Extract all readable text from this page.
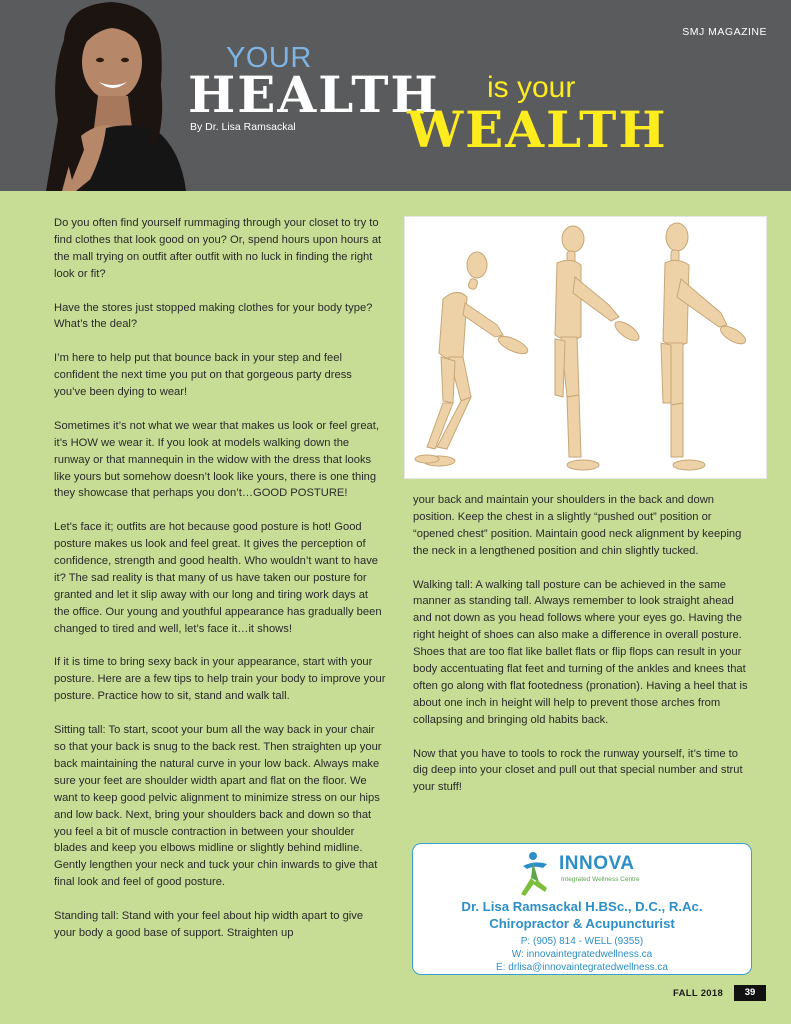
SMJ MAGAZINE
YOUR
HEALTH is your
WEALTH
By Dr. Lisa Ramsackal

Do you often find yourself rummaging through your closet to try to find clothes that look good on you? Or, spend hours upon hours at the mall trying on outfit after outfit with no luck in finding the right look or fit?

Have the stores just stopped making clothes for your body type? What’s the deal?

I’m here to help put that bounce back in your step and feel confident the next time you put on that gorgeous party dress you’ve been dying to wear!

Sometimes it’s not what we wear that makes us look or feel great, it’s HOW we wear it. If you look at models walking down the runway or that mannequin in the widow with the dress that looks like yours but somehow doesn’t look like yours, there is one thing they showcase that perhaps you don’t…GOOD POSTURE!

Let’s face it; outfits are hot because good posture is hot! Good posture makes us look and feel great. It gives the perception of confidence, strength and good health. Who wouldn’t want to have it? The sad reality is that many of us have taken our posture for granted and let it slip away with our long and tiring work days at the office. Our young and youthful appearance has gradually been changed to tired and well, let’s face it…it shows!

If it is time to bring sexy back in your appearance, start with your posture. Here are a few tips to help train your body to improve your posture. Practice how to sit, stand and walk tall.

Sitting tall: To start, scoot your bum all the way back in your chair so that your back is snug to the back rest. Then straighten up your back maintaining the natural curve in your low back. Always make sure your feet are shoulder width apart and flat on the floor. We want to keep good pelvic alignment to minimize stress on our hips and low back. Next, bring your shoulders back and down so that you feel a bit of muscle contraction in between your shoulder blades and keep you elbows midline or slightly behind midline. Gently lengthen your neck and tuck your chin inwards to give that final look and feel of good posture.

Standing tall: Stand with your feel about hip width apart to give your body a good base of support. Straighten up

your back and maintain your shoulders in the back and down position. Keep the chest in a slightly “pushed out” position or “opened chest” position. Maintain good neck alignment by keeping the neck in a lengthened position and chin slightly tucked.

Walking tall: A walking tall posture can be achieved in the same manner as standing tall. Always remember to look straight ahead and not down as you head follows where your eyes go. Having the right height of shoes can also make a difference in overall posture. Shoes that are too flat like ballet flats or flip flops can result in your body accentuating flat feet and turning of the ankles and knees that often go along with flat footedness (pronation). Having a heel that is about one inch in height will help to prevent those arches from collapsing and bringing old habits back.

Now that you have to tools to rock the runway yourself, it’s time to dig deep into your closet and pull out that special number and strut your stuff!

INNOVA
Integrated Wellness Centre
Dr. Lisa Ramsackal H.BSc., D.C., R.Ac.
Chiropractor & Acupuncturist
P: (905) 814 - WELL (9355)
W: innovaintegratedwellness.ca
E: drlisa@innovaintegratedwellness.ca
FALL 2018	39
